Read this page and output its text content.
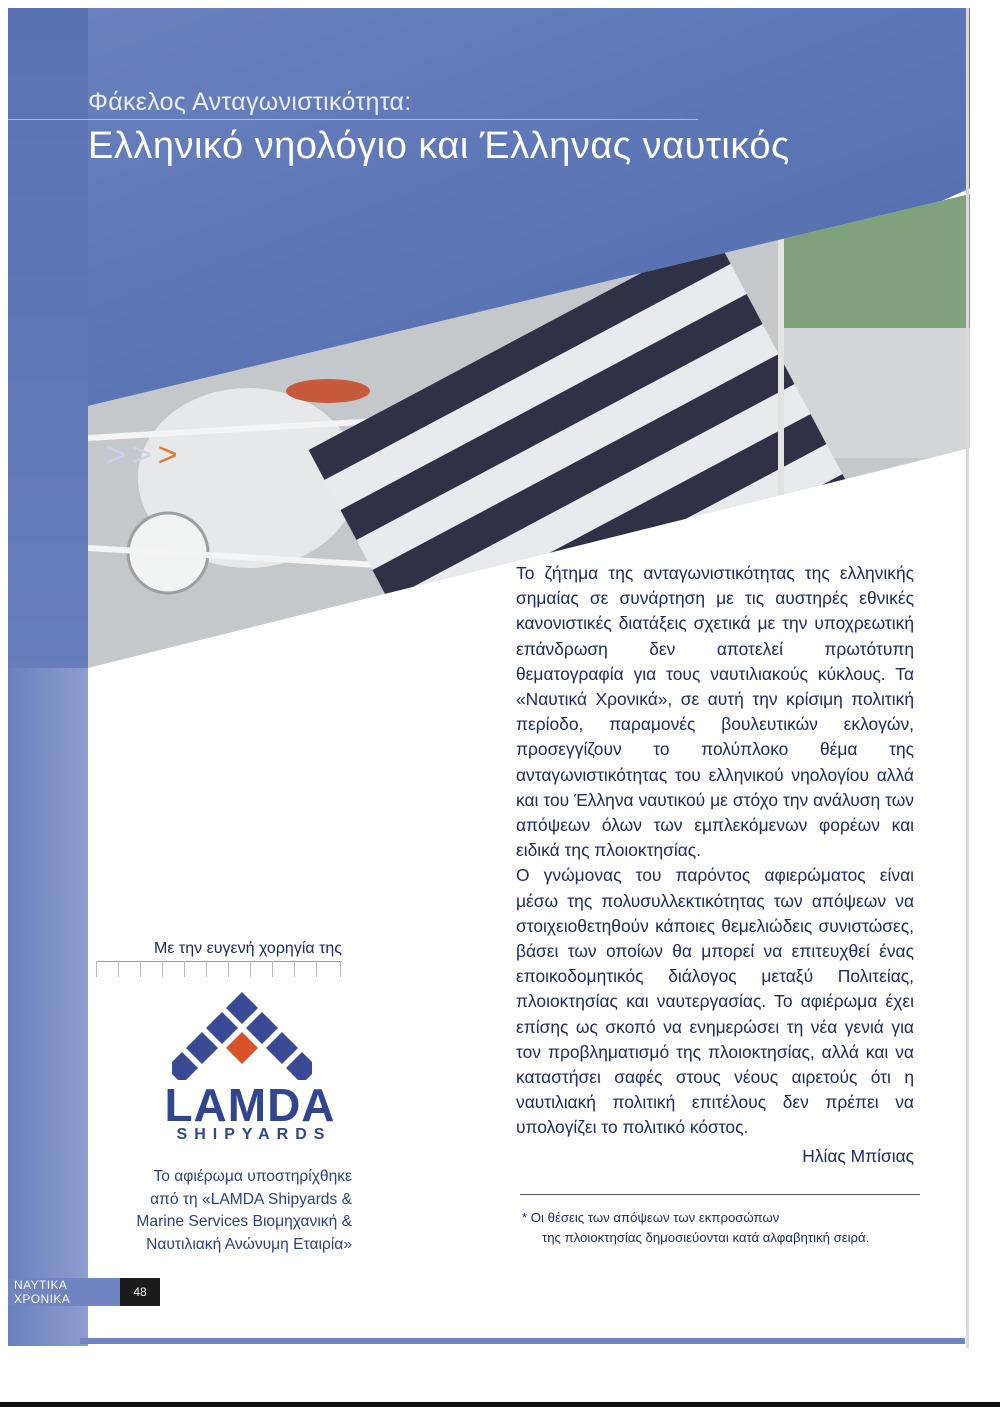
Φάκελος Ανταγωνιστικότητα:
Ελληνικό νηολόγιο και Έλληνας ναυτικός
>>>

Το ζήτημα της ανταγωνιστικότητας της ελληνικής σημαίας σε συνάρτηση με τις αυστηρές εθνικές κανονιστικές διατάξεις σχετικά με την υποχρεωτική επάνδρωση δεν αποτελεί πρωτότυπη θεματογραφία για τους ναυτιλιακούς κύκλους. Τα «Ναυτικά Χρονικά», σε αυτή την κρίσιμη πολιτική περίοδο, παραμονές βουλευτικών εκλογών, προσεγγίζουν το πολύπλοκο θέμα της ανταγωνιστικότητας του ελληνικού νηολογίου αλλά και του Έλληνα ναυτικού με στόχο την ανάλυση των απόψεων όλων των εμπλεκόμενων φορέων και ειδικά της πλοιοκτησίας.

Ο γνώμονας του παρόντος αφιερώματος είναι μέσω της πολυσυλλεκτικότητας των απόψεων να στοιχειοθετηθούν κάποιες θεμελιώδεις συνιστώσες, βάσει των οποίων θα μπορεί να επιτευχθεί ένας εποικοδομητικός διάλογος μεταξύ Πολιτείας, πλοιοκτησίας και ναυτεργασίας. Το αφιέρωμα έχει επίσης ως σκοπό να ενημερώσει τη νέα γενιά για τον προβληματισμό της πλοιοκτησίας, αλλά και να καταστήσει σαφές στους νέους αιρετούς ότι η ναυτιλιακή πολιτική επιτέλους δεν πρέπει να υπολογίζει το πολιτικό κόστος.

Ηλίας Μπίσιας
* Οι θέσεις των απόψεων των εκπροσώπων
της πλοιοκτησίας δημοσιεύονται κατά αλφαβητική σειρά.
Με την ευγενή χορηγία της
LAMDA
SHIPYARDS
Το αφιέρωμα υποστηρίχθηκε από τη «LAMDA Shipyards & Marine Services Βιομηχανική & Ναυτιλιακή Ανώνυμη Εταιρία»
ΝΑΥΤΙΚΑ ΧΡΟΝΙΚΑ	48
